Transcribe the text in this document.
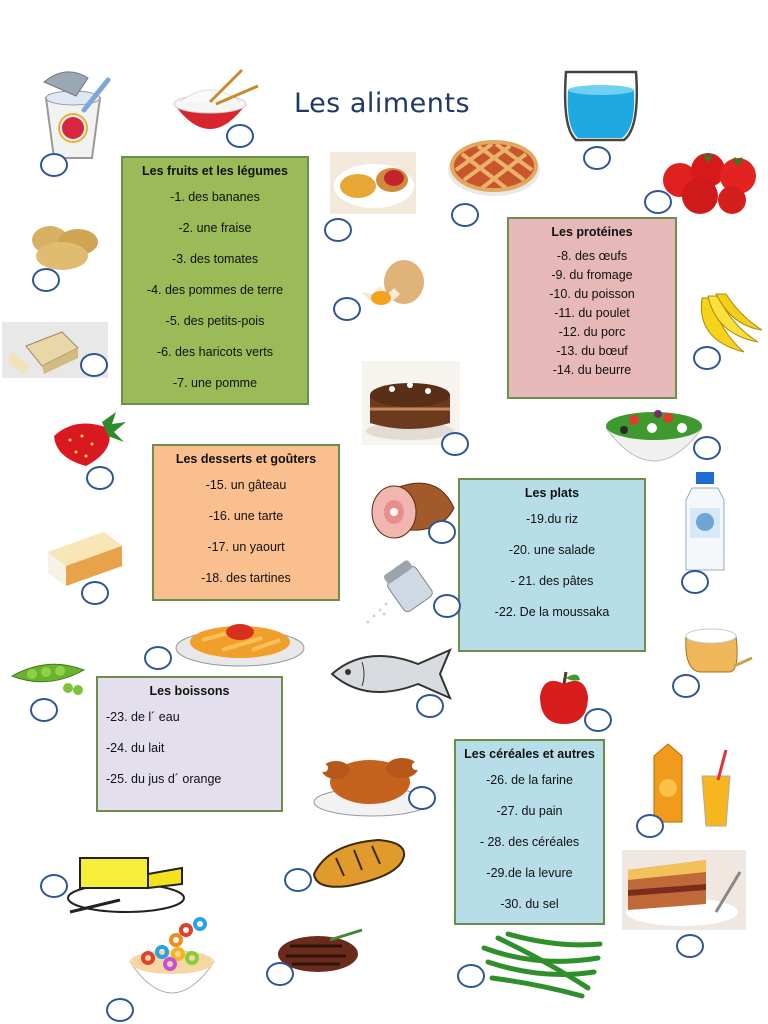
Les aliments
Les fruits et les légumes
-1. des bananes
-2. une fraise
-3. des tomates
-4. des pommes de terre
-5. des petits-pois
-6. des haricots verts
-7. une pomme
Les protéines
-8. des œufs
-9. du fromage
-10. du poisson
-11. du poulet
-12. du porc
-13. du bœuf
-14. du beurre
Les desserts et goûters
-15. un gâteau
-16. une tarte
-17. un yaourt
-18. des tartines
Les plats
-19.du riz
-20. une salade
- 21. des pâtes
-22. De la moussaka
Les boissons
-23. de l´ eau
-24. du lait
-25. du jus d´ orange
Les céréales et autres
-26. de la farine
-27. du pain
- 28. des céréales
-29.de la levure
-30. du sel
